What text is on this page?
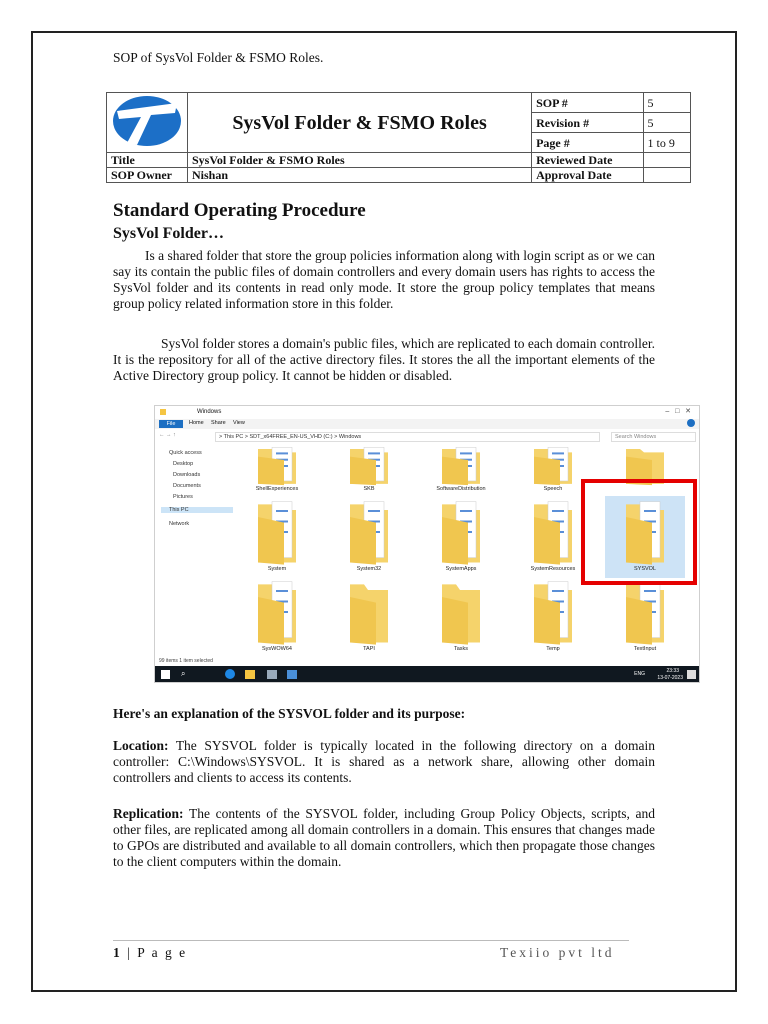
SOP of SysVol Folder & FSMO Roles.
	SysVol Folder & FSMO Roles	SOP #	5
		Revision #	5
		Page #	1 to 9
Title	SysVol Folder & FSMO Roles	Reviewed Date	
SOP Owner	Nishan	Approval Date	
Standard Operating Procedure
SysVol Folder…
Is a shared folder that store the group policies information along with login script as or we can say its contain the public files of domain controllers and every domain users has rights to access the SysVol folder and its contents in read only mode. It store the group policy templates that means group policy related information store in this folder.
SysVol folder stores a domain's public files, which are replicated to each domain controller. It is the repository for all of the active directory files. It stores the all the important elements of the Active Directory group policy. It cannot be hidden or disabled.
Windows	–   □   ✕
File	Home Share View
← → ↑	> This PC > SDT_x64FREE_EN-US_VHD (C:) > Windows	Search Windows
Quick access
Desktop
Downloads
Documents
Pictures
This PC
Network
ShellExperiences	SKB	SoftwareDistribution	Speech
System	System32	SystemApps	SystemResources	SYSVOL
SysWOW64	TAPI	Tasks	Temp	TextInput
99 items 1 item selected
⌕	ENG	23:33
13-07-2023
Here's an explanation of the SYSVOL folder and its purpose:
Location: The SYSVOL folder is typically located in the following directory on a domain controller: C:\Windows\SYSVOL. It is shared as a network share, allowing other domain controllers and clients to access its contents.
Replication: The contents of the SYSVOL folder, including Group Policy Objects, scripts, and other files, are replicated among all domain controllers in a domain. This ensures that changes made to GPOs are distributed and available to all domain controllers, which then propagate those changes to the client computers within the domain.
1 | P a g e	Texiio pvt ltd
